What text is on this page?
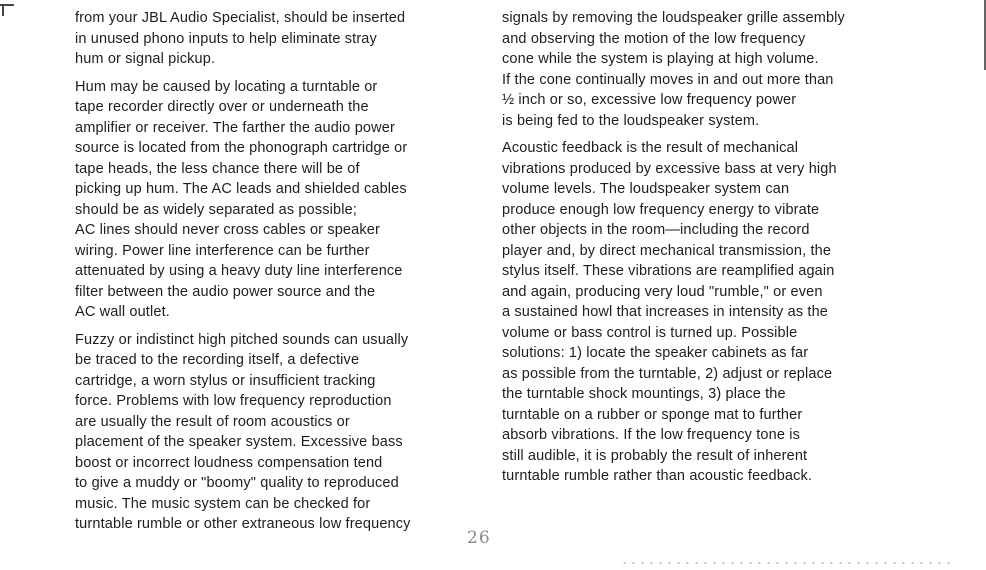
from your JBL Audio Specialist, should be inserted
in unused phono inputs to help eliminate stray
hum or signal pickup.

Hum may be caused by locating a turntable or
tape recorder directly over or underneath the
amplifier or receiver. The farther the audio power
source is located from the phonograph cartridge or
tape heads, the less chance there will be of
picking up hum. The AC leads and shielded cables
should be as widely separated as possible;
AC lines should never cross cables or speaker
wiring. Power line interference can be further
attenuated by using a heavy duty line interference
filter between the audio power source and the
AC wall outlet.

Fuzzy or indistinct high pitched sounds can usually
be traced to the recording itself, a defective
cartridge, a worn stylus or insufficient tracking
force. Problems with low frequency reproduction
are usually the result of room acoustics or
placement of the speaker system. Excessive bass
boost or incorrect loudness compensation tend
to give a muddy or "boomy" quality to reproduced
music. The music system can be checked for
turntable rumble or other extraneous low frequency

signals by removing the loudspeaker grille assembly
and observing the motion of the low frequency
cone while the system is playing at high volume.
If the cone continually moves in and out more than
½ inch or so, excessive low frequency power
is being fed to the loudspeaker system.

Acoustic feedback is the result of mechanical
vibrations produced by excessive bass at very high
volume levels. The loudspeaker system can
produce enough low frequency energy to vibrate
other objects in the room—including the record
player and, by direct mechanical transmission, the
stylus itself. These vibrations are reamplified again
and again, producing very loud "rumble," or even
a sustained howl that increases in intensity as the
volume or bass control is turned up. Possible
solutions: 1) locate the speaker cabinets as far
as possible from the turntable, 2) adjust or replace
the turntable shock mountings, 3) place the
turntable on a rubber or sponge mat to further
absorb vibrations. If the low frequency tone is
still audible, it is probably the result of inherent
turntable rumble rather than acoustic feedback.

26
